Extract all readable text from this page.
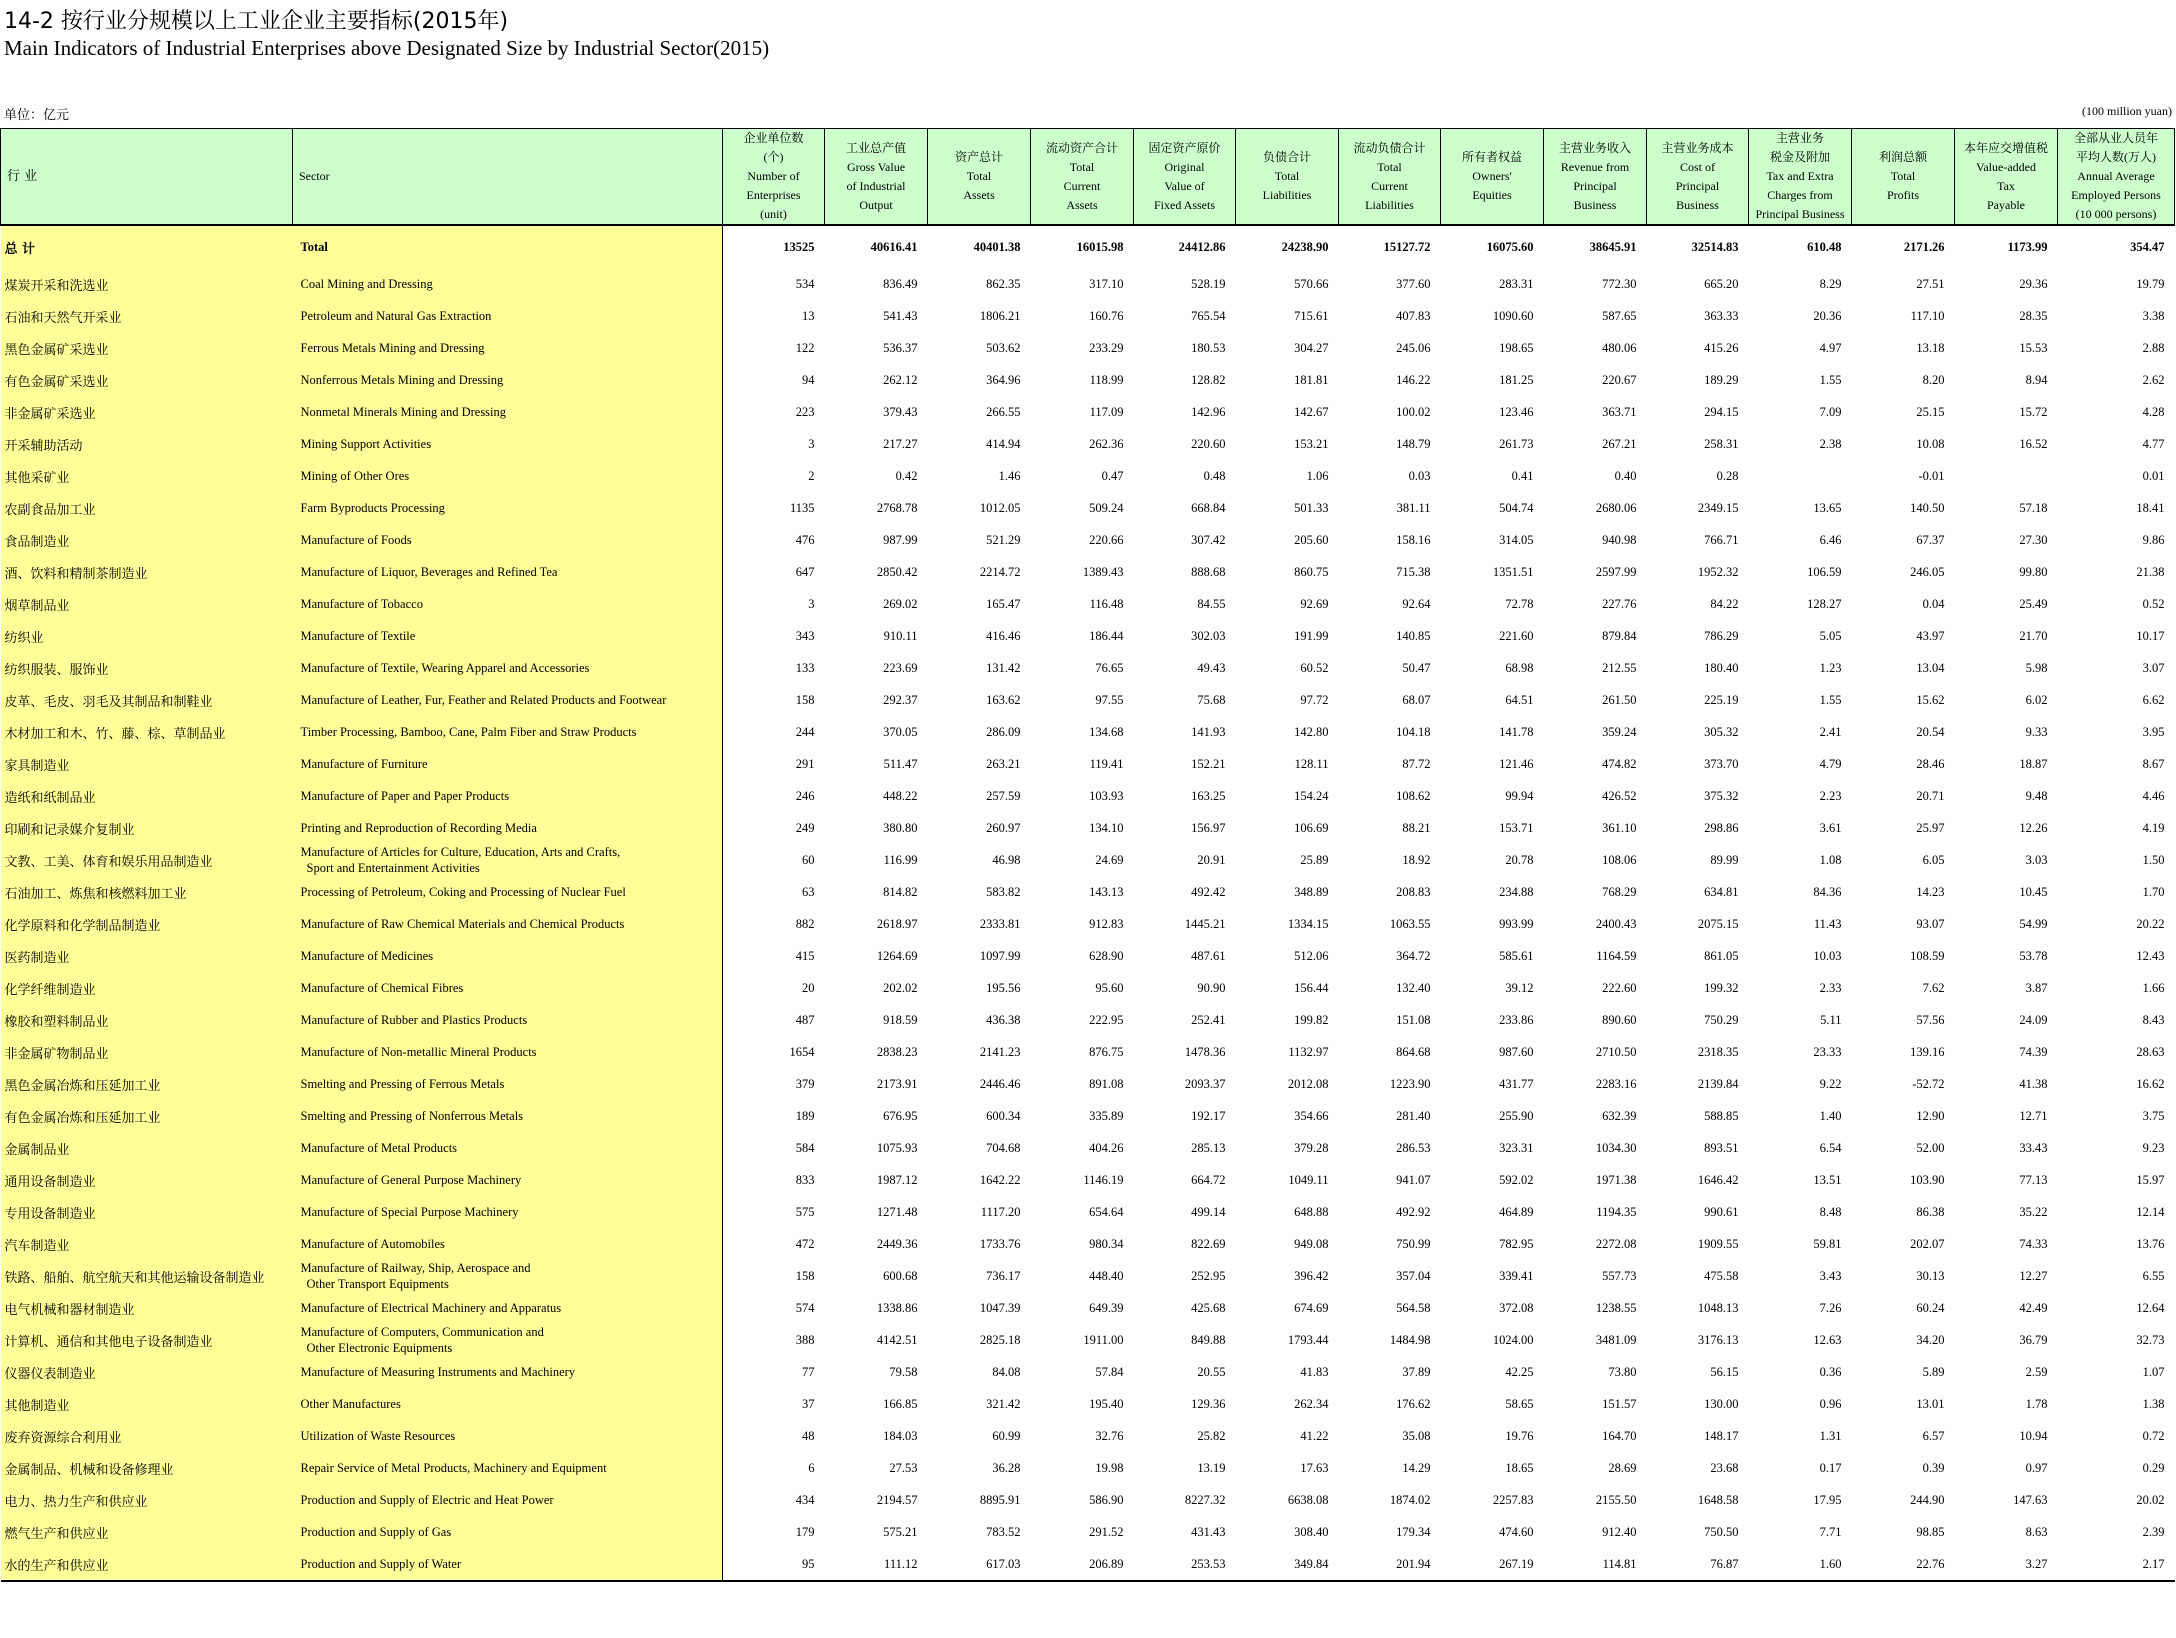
14-2 按行业分规模以上工业企业主要指标(2015年)
Main Indicators of Industrial Enterprises above Designated Size by Industrial Sector(2015)
单位：亿元	(100 million yuan)
行 业	Sector	企业单位数
(个)
Number of
Enterprises
(unit)	工业总产值
Gross Value
of Industrial
Output	资产总计
Total
Assets	流动资产合计
Total
Current
Assets	固定资产原价
Original
Value of
Fixed Assets	负债合计
Total
Liabilities	流动负债合计
Total
Current
Liabilities	所有者权益
Owners'
Equities	主营业务收入
Revenue from
Principal
Business	主营业务成本
Cost of
Principal
Business	主营业务
税金及附加
Tax and Extra
Charges from
Principal Business	利润总额
Total
Profits	本年应交增值税
Value-added
Tax
Payable	全部从业人员年
平均人数(万人)
Annual Average
Employed Persons
(10 000 persons)

总 计	Total	13525	40616.41	40401.38	16015.98	24412.86	24238.90	15127.72	16075.60	38645.91	32514.83	610.48	2171.26	1173.99	354.47
煤炭开采和洗选业	Coal Mining and Dressing	534	836.49	862.35	317.10	528.19	570.66	377.60	283.31	772.30	665.20	8.29	27.51	29.36	19.79
石油和天然气开采业	Petroleum and Natural Gas Extraction	13	541.43	1806.21	160.76	765.54	715.61	407.83	1090.60	587.65	363.33	20.36	117.10	28.35	3.38
黑色金属矿采选业	Ferrous Metals Mining and Dressing	122	536.37	503.62	233.29	180.53	304.27	245.06	198.65	480.06	415.26	4.97	13.18	15.53	2.88
有色金属矿采选业	Nonferrous Metals Mining and Dressing	94	262.12	364.96	118.99	128.82	181.81	146.22	181.25	220.67	189.29	1.55	8.20	8.94	2.62
非金属矿采选业	Nonmetal Minerals Mining and Dressing	223	379.43	266.55	117.09	142.96	142.67	100.02	123.46	363.71	294.15	7.09	25.15	15.72	4.28
开采辅助活动	Mining Support Activities	3	217.27	414.94	262.36	220.60	153.21	148.79	261.73	267.21	258.31	2.38	10.08	16.52	4.77
其他采矿业	Mining of Other Ores	2	0.42	1.46	0.47	0.48	1.06	0.03	0.41	0.40	0.28		-0.01		0.01
农副食品加工业	Farm Byproducts Processing	1135	2768.78	1012.05	509.24	668.84	501.33	381.11	504.74	2680.06	2349.15	13.65	140.50	57.18	18.41
食品制造业	Manufacture of Foods	476	987.99	521.29	220.66	307.42	205.60	158.16	314.05	940.98	766.71	6.46	67.37	27.30	9.86
酒、饮料和精制茶制造业	Manufacture of Liquor, Beverages and Refined Tea	647	2850.42	2214.72	1389.43	888.68	860.75	715.38	1351.51	2597.99	1952.32	106.59	246.05	99.80	21.38
烟草制品业	Manufacture of Tobacco	3	269.02	165.47	116.48	84.55	92.69	92.64	72.78	227.76	84.22	128.27	0.04	25.49	0.52
纺织业	Manufacture of Textile	343	910.11	416.46	186.44	302.03	191.99	140.85	221.60	879.84	786.29	5.05	43.97	21.70	10.17
纺织服装、服饰业	Manufacture of Textile, Wearing Apparel and Accessories	133	223.69	131.42	76.65	49.43	60.52	50.47	68.98	212.55	180.40	1.23	13.04	5.98	3.07
皮革、毛皮、羽毛及其制品和制鞋业	Manufacture of Leather, Fur, Feather and Related Products and Footwear	158	292.37	163.62	97.55	75.68	97.72	68.07	64.51	261.50	225.19	1.55	15.62	6.02	6.62
木材加工和木、竹、藤、棕、草制品业	Timber Processing, Bamboo, Cane, Palm Fiber and Straw Products	244	370.05	286.09	134.68	141.93	142.80	104.18	141.78	359.24	305.32	2.41	20.54	9.33	3.95
家具制造业	Manufacture of Furniture	291	511.47	263.21	119.41	152.21	128.11	87.72	121.46	474.82	373.70	4.79	28.46	18.87	8.67
造纸和纸制品业	Manufacture of Paper and Paper Products	246	448.22	257.59	103.93	163.25	154.24	108.62	99.94	426.52	375.32	2.23	20.71	9.48	4.46
印刷和记录媒介复制业	Printing and Reproduction of Recording Media	249	380.80	260.97	134.10	156.97	106.69	88.21	153.71	361.10	298.86	3.61	25.97	12.26	4.19
文教、工美、体育和娱乐用品制造业	Manufacture of Articles for Culture, Education, Arts and Crafts,
Sport and Entertainment Activities	60	116.99	46.98	24.69	20.91	25.89	18.92	20.78	108.06	89.99	1.08	6.05	3.03	1.50
石油加工、炼焦和核燃料加工业	Processing of Petroleum, Coking and Processing of Nuclear Fuel	63	814.82	583.82	143.13	492.42	348.89	208.83	234.88	768.29	634.81	84.36	14.23	10.45	1.70
化学原料和化学制品制造业	Manufacture of Raw Chemical Materials and Chemical Products	882	2618.97	2333.81	912.83	1445.21	1334.15	1063.55	993.99	2400.43	2075.15	11.43	93.07	54.99	20.22
医药制造业	Manufacture of Medicines	415	1264.69	1097.99	628.90	487.61	512.06	364.72	585.61	1164.59	861.05	10.03	108.59	53.78	12.43
化学纤维制造业	Manufacture of Chemical Fibres	20	202.02	195.56	95.60	90.90	156.44	132.40	39.12	222.60	199.32	2.33	7.62	3.87	1.66
橡胶和塑料制品业	Manufacture of Rubber and Plastics Products	487	918.59	436.38	222.95	252.41	199.82	151.08	233.86	890.60	750.29	5.11	57.56	24.09	8.43
非金属矿物制品业	Manufacture of Non-metallic Mineral Products	1654	2838.23	2141.23	876.75	1478.36	1132.97	864.68	987.60	2710.50	2318.35	23.33	139.16	74.39	28.63
黑色金属冶炼和压延加工业	Smelting and Pressing of Ferrous Metals	379	2173.91	2446.46	891.08	2093.37	2012.08	1223.90	431.77	2283.16	2139.84	9.22	-52.72	41.38	16.62
有色金属冶炼和压延加工业	Smelting and Pressing of Nonferrous Metals	189	676.95	600.34	335.89	192.17	354.66	281.40	255.90	632.39	588.85	1.40	12.90	12.71	3.75
金属制品业	Manufacture of Metal Products	584	1075.93	704.68	404.26	285.13	379.28	286.53	323.31	1034.30	893.51	6.54	52.00	33.43	9.23
通用设备制造业	Manufacture of General Purpose Machinery	833	1987.12	1642.22	1146.19	664.72	1049.11	941.07	592.02	1971.38	1646.42	13.51	103.90	77.13	15.97
专用设备制造业	Manufacture of Special Purpose Machinery	575	1271.48	1117.20	654.64	499.14	648.88	492.92	464.89	1194.35	990.61	8.48	86.38	35.22	12.14
汽车制造业	Manufacture of Automobiles	472	2449.36	1733.76	980.34	822.69	949.08	750.99	782.95	2272.08	1909.55	59.81	202.07	74.33	13.76
铁路、船舶、航空航天和其他运输设备制造业	Manufacture of Railway, Ship, Aerospace and
Other Transport Equipments	158	600.68	736.17	448.40	252.95	396.42	357.04	339.41	557.73	475.58	3.43	30.13	12.27	6.55
电气机械和器材制造业	Manufacture of Electrical Machinery and Apparatus	574	1338.86	1047.39	649.39	425.68	674.69	564.58	372.08	1238.55	1048.13	7.26	60.24	42.49	12.64
计算机、通信和其他电子设备制造业	Manufacture of Computers, Communication and
Other Electronic Equipments	388	4142.51	2825.18	1911.00	849.88	1793.44	1484.98	1024.00	3481.09	3176.13	12.63	34.20	36.79	32.73
仪器仪表制造业	Manufacture of Measuring Instruments and Machinery	77	79.58	84.08	57.84	20.55	41.83	37.89	42.25	73.80	56.15	0.36	5.89	2.59	1.07
其他制造业	Other Manufactures	37	166.85	321.42	195.40	129.36	262.34	176.62	58.65	151.57	130.00	0.96	13.01	1.78	1.38
废弃资源综合利用业	Utilization of Waste Resources	48	184.03	60.99	32.76	25.82	41.22	35.08	19.76	164.70	148.17	1.31	6.57	10.94	0.72
金属制品、机械和设备修理业	Repair Service of Metal Products, Machinery and Equipment	6	27.53	36.28	19.98	13.19	17.63	14.29	18.65	28.69	23.68	0.17	0.39	0.97	0.29
电力、热力生产和供应业	Production and Supply of Electric and Heat Power	434	2194.57	8895.91	586.90	8227.32	6638.08	1874.02	2257.83	2155.50	1648.58	17.95	244.90	147.63	20.02
燃气生产和供应业	Production and Supply of Gas	179	575.21	783.52	291.52	431.43	308.40	179.34	474.60	912.40	750.50	7.71	98.85	8.63	2.39
水的生产和供应业	Production and Supply of Water	95	111.12	617.03	206.89	253.53	349.84	201.94	267.19	114.81	76.87	1.60	22.76	3.27	2.17
